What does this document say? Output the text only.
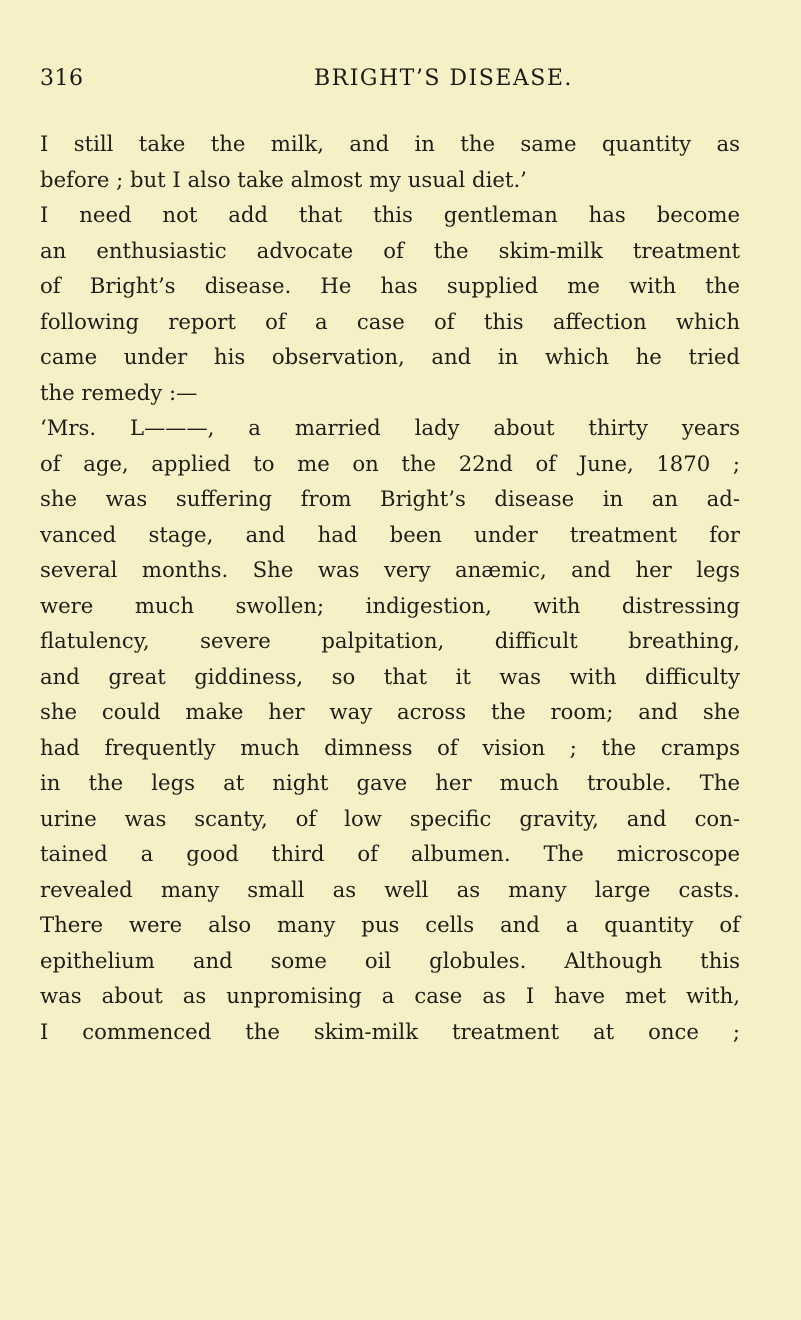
316	BRIGHT’S DISEASE.
I still take the milk, and in the same quantity as
before ; but I also take almost my usual diet.’
I need not add that this gentleman has become
an enthusiastic advocate of the skim-milk treatment
of Bright’s disease. He has supplied me with the
following report of a case of this affection which
came under his observation, and in which he tried
the remedy :—
‘Mrs. L———, a married lady about thirty years
of age, applied to me on the 22nd of June, 1870 ;
she was suffering from Bright’s disease in an ad-
vanced stage, and had been under treatment for
several months. She was very anæmic, and her legs
were much swollen; indigestion, with distressing
flatulency, severe palpitation, difficult breathing,
and great giddiness, so that it was with difficulty
she could make her way across the room; and she
had frequently much dimness of vision ; the cramps
in the legs at night gave her much trouble. The
urine was scanty, of low specific gravity, and con-
tained a good third of albumen. The microscope
revealed many small as well as many large casts.
There were also many pus cells and a quantity of
epithelium and some oil globules. Although this
was about as unpromising a case as I have met with,
I commenced the skim-milk treatment at once ;
